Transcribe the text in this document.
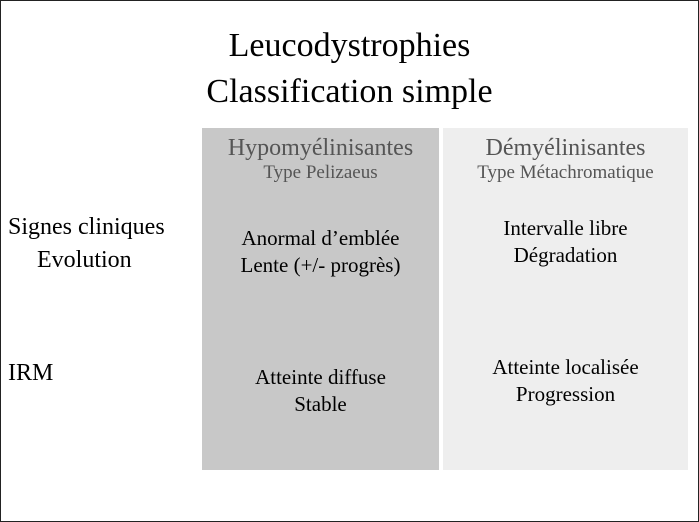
Leucodystrophies
Classification simple
Signes cliniques
Evolution
IRM
Hypomyélinisantes
Type Pelizaeus
Anormal d’emblée
Lente (+/- progrès)
Atteinte diffuse
Stable
Démyélinisantes
Type Métachromatique
Intervalle libre
Dégradation
Atteinte localisée
Progression
